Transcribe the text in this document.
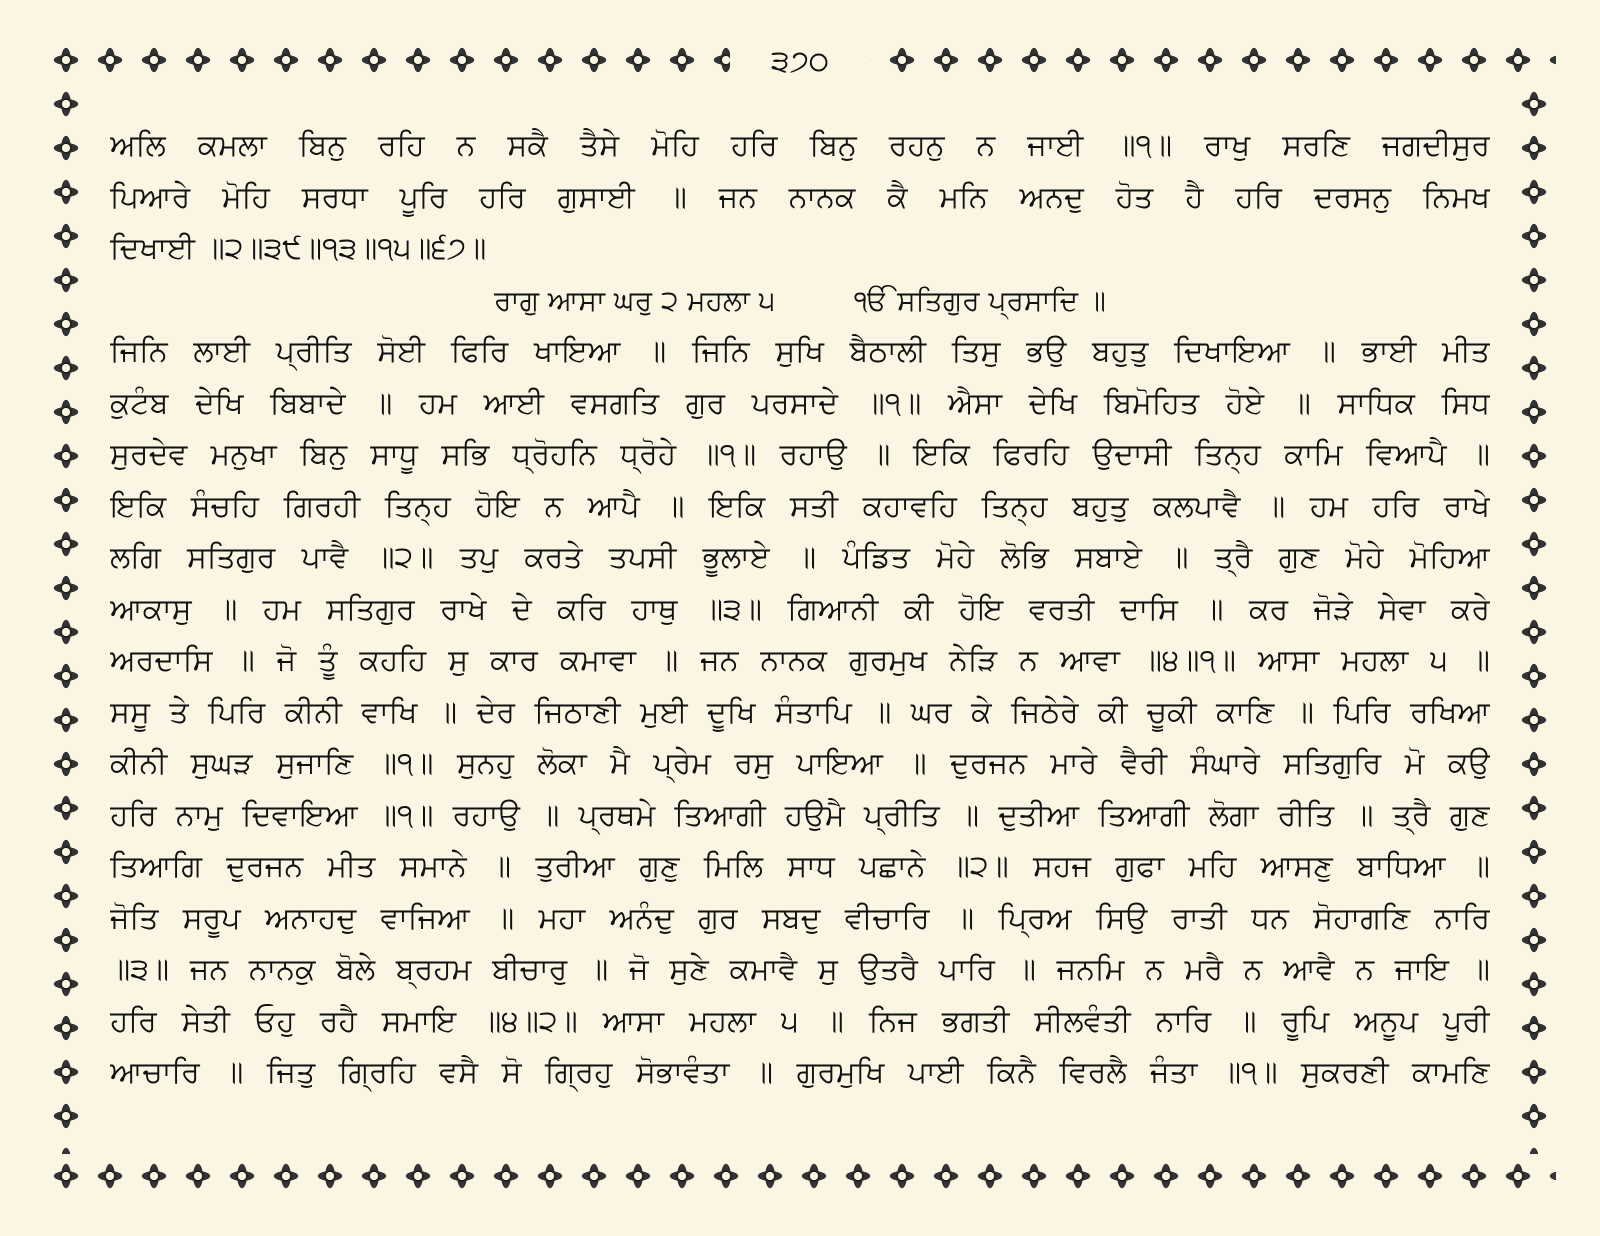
੩੭੦
ਅਲਿ ਕਮਲਾ ਬਿਨੁ ਰਹਿ ਨ ਸਕੈ ਤੈਸੇ ਮੋਹਿ ਹਰਿ ਬਿਨੁ ਰਹਨੁ ਨ ਜਾਈ ॥੧॥ ਰਾਖੁ ਸਰਣਿ ਜਗਦੀਸੁਰ
ਪਿਆਰੇ ਮੋਹਿ ਸਰਧਾ ਪੂਰਿ ਹਰਿ ਗੁਸਾਈ ॥ ਜਨ ਨਾਨਕ ਕੈ ਮਨਿ ਅਨਦੁ ਹੋਤ ਹੈ ਹਰਿ ਦਰਸਨੁ ਨਿਮਖ
ਦਿਖਾਈ ॥੨॥੩੯॥੧੩॥੧੫॥੬੭॥
ਰਾਗੁ ਆਸਾ ਘਰੁ ੨ ਮਹਲਾ ੫	ੴ ਸਤਿਗੁਰ ਪ੍ਰਸਾਦਿ ॥
ਜਿਨਿ ਲਾਈ ਪ੍ਰੀਤਿ ਸੋਈ ਫਿਰਿ ਖਾਇਆ ॥ ਜਿਨਿ ਸੁਖਿ ਬੈਠਾਲੀ ਤਿਸੁ ਭਉ ਬਹੁਤੁ ਦਿਖਾਇਆ ॥ ਭਾਈ ਮੀਤ
ਕੁਟੰਬ ਦੇਖਿ ਬਿਬਾਦੇ ॥ ਹਮ ਆਈ ਵਸਗਤਿ ਗੁਰ ਪਰਸਾਦੇ ॥੧॥ ਐਸਾ ਦੇਖਿ ਬਿਮੋਹਿਤ ਹੋਏ ॥ ਸਾਧਿਕ ਸਿਧ
ਸੁਰਦੇਵ ਮਨੁਖਾ ਬਿਨੁ ਸਾਧੂ ਸਭਿ ਧ੍ਰੋਹਨਿ ਧ੍ਰੋਹੇ ॥੧॥ ਰਹਾਉ ॥ ਇਕਿ ਫਿਰਹਿ ਉਦਾਸੀ ਤਿਨ੍ਹ ਕਾਮਿ ਵਿਆਪੈ ॥
ਇਕਿ ਸੰਚਹਿ ਗਿਰਹੀ ਤਿਨ੍ਹ ਹੋਇ ਨ ਆਪੈ ॥ ਇਕਿ ਸਤੀ ਕਹਾਵਹਿ ਤਿਨ੍ਹ ਬਹੁਤੁ ਕਲਪਾਵੈ ॥ ਹਮ ਹਰਿ ਰਾਖੇ
ਲਗਿ ਸਤਿਗੁਰ ਪਾਵੈ ॥੨॥ ਤਪੁ ਕਰਤੇ ਤਪਸੀ ਭੂਲਾਏ ॥ ਪੰਡਿਤ ਮੋਹੇ ਲੋਭਿ ਸਬਾਏ ॥ ਤ੍ਰੈ ਗੁਣ ਮੋਹੇ ਮੋਹਿਆ
ਆਕਾਸੁ ॥ ਹਮ ਸਤਿਗੁਰ ਰਾਖੇ ਦੇ ਕਰਿ ਹਾਥੁ ॥੩॥ ਗਿਆਨੀ ਕੀ ਹੋਇ ਵਰਤੀ ਦਾਸਿ ॥ ਕਰ ਜੋੜੇ ਸੇਵਾ ਕਰੇ
ਅਰਦਾਸਿ ॥ ਜੋ ਤੂੰ ਕਹਹਿ ਸੁ ਕਾਰ ਕਮਾਵਾ ॥ ਜਨ ਨਾਨਕ ਗੁਰਮੁਖ ਨੇੜਿ ਨ ਆਵਾ ॥੪॥੧॥ ਆਸਾ ਮਹਲਾ ੫ ॥
ਸਸੂ ਤੇ ਪਿਰਿ ਕੀਨੀ ਵਾਖਿ ॥ ਦੇਰ ਜਿਠਾਣੀ ਮੁਈ ਦੂਖਿ ਸੰਤਾਪਿ ॥ ਘਰ ਕੇ ਜਿਠੇਰੇ ਕੀ ਚੂਕੀ ਕਾਣਿ ॥ ਪਿਰਿ ਰਖਿਆ
ਕੀਨੀ ਸੁਘੜ ਸੁਜਾਣਿ ॥੧॥ ਸੁਨਹੁ ਲੋਕਾ ਮੈ ਪ੍ਰੇਮ ਰਸੁ ਪਾਇਆ ॥ ਦੁਰਜਨ ਮਾਰੇ ਵੈਰੀ ਸੰਘਾਰੇ ਸਤਿਗੁਰਿ ਮੋ ਕਉ
ਹਰਿ ਨਾਮੁ ਦਿਵਾਇਆ ॥੧॥ ਰਹਾਉ ॥ ਪ੍ਰਥਮੇ ਤਿਆਗੀ ਹਉਮੈ ਪ੍ਰੀਤਿ ॥ ਦੁਤੀਆ ਤਿਆਗੀ ਲੋਗਾ ਰੀਤਿ ॥ ਤ੍ਰੈ ਗੁਣ
ਤਿਆਗਿ ਦੁਰਜਨ ਮੀਤ ਸਮਾਨੇ ॥ ਤੁਰੀਆ ਗੁਣੁ ਮਿਲਿ ਸਾਧ ਪਛਾਨੇ ॥੨॥ ਸਹਜ ਗੁਫਾ ਮਹਿ ਆਸਣੁ ਬਾਧਿਆ ॥
ਜੋਤਿ ਸਰੂਪ ਅਨਾਹਦੁ ਵਾਜਿਆ ॥ ਮਹਾ ਅਨੰਦੁ ਗੁਰ ਸਬਦੁ ਵੀਚਾਰਿ ॥ ਪ੍ਰਿਅ ਸਿਉ ਰਾਤੀ ਧਨ ਸੋਹਾਗਣਿ ਨਾਰਿ
॥੩॥ ਜਨ ਨਾਨਕੁ ਬੋਲੇ ਬ੍ਰਹਮ ਬੀਚਾਰੁ ॥ ਜੋ ਸੁਣੇ ਕਮਾਵੈ ਸੁ ਉਤਰੈ ਪਾਰਿ ॥ ਜਨਮਿ ਨ ਮਰੈ ਨ ਆਵੈ ਨ ਜਾਇ ॥
ਹਰਿ ਸੇਤੀ ਓਹੁ ਰਹੈ ਸਮਾਇ ॥੪॥੨॥ ਆਸਾ ਮਹਲਾ ੫ ॥ ਨਿਜ ਭਗਤੀ ਸੀਲਵੰਤੀ ਨਾਰਿ ॥ ਰੂਪਿ ਅਨੂਪ ਪੂਰੀ
ਆਚਾਰਿ ॥ ਜਿਤੁ ਗ੍ਰਿਹਿ ਵਸੈ ਸੋ ਗ੍ਰਿਹੁ ਸੋਭਾਵੰਤਾ ॥ ਗੁਰਮੁਖਿ ਪਾਈ ਕਿਨੈ ਵਿਰਲੈ ਜੰਤਾ ॥੧॥ ਸੁਕਰਣੀ ਕਾਮਣਿ
